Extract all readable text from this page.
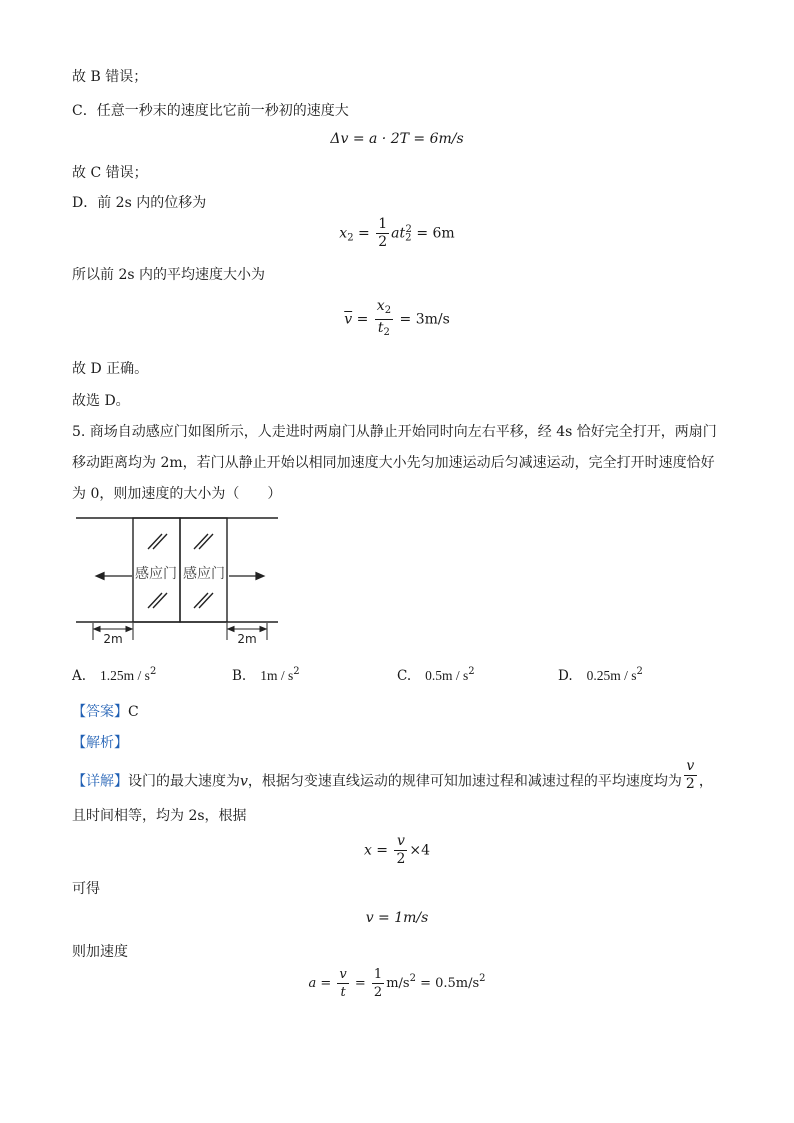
故 B 错误；
C．任意一秒末的速度比它前一秒初的速度大
Δv = a · 2T = 6m/s
故 C 错误；
D．前 2s 内的位移为
$x_2 = \frac{1}{2} at_2^2 = 6m$
所以前 2s 内的平均速度大小为
$\overline{v} = \frac{x_2}{t_2} = 3m/s$
故 D 正确。
故选 D。
5. 商场自动感应门如图所示，人走进时两扇门从静止开始同时向左右平移，经 4s 恰好完全打开，两扇门
移动距离均为 2m，若门从静止开始以相同加速度大小先匀加速运动后匀减速运动，完全打开时速度恰好
为 0，则加速度的大小为（　　）
感应门 感应门
2m	2m
A. $1.25m / s^2$	B. $1m / s^2$	C. $0.5m / s^2$	D. $0.25m / s^2$
【答案】C
【解析】
【详解】设门的最大速度为v，根据匀变速直线运动的规律可知加速过程和减速过程的平均速度均为 $\frac{v}{2}$ ，
且时间相等，均为 2s，根据
$x = \frac{v}{2} \times 4$
可得
v = 1m/s
则加速度
$a = \frac{v}{t} = \frac{1}{2} m/s^2 = 0.5m/s^2$
